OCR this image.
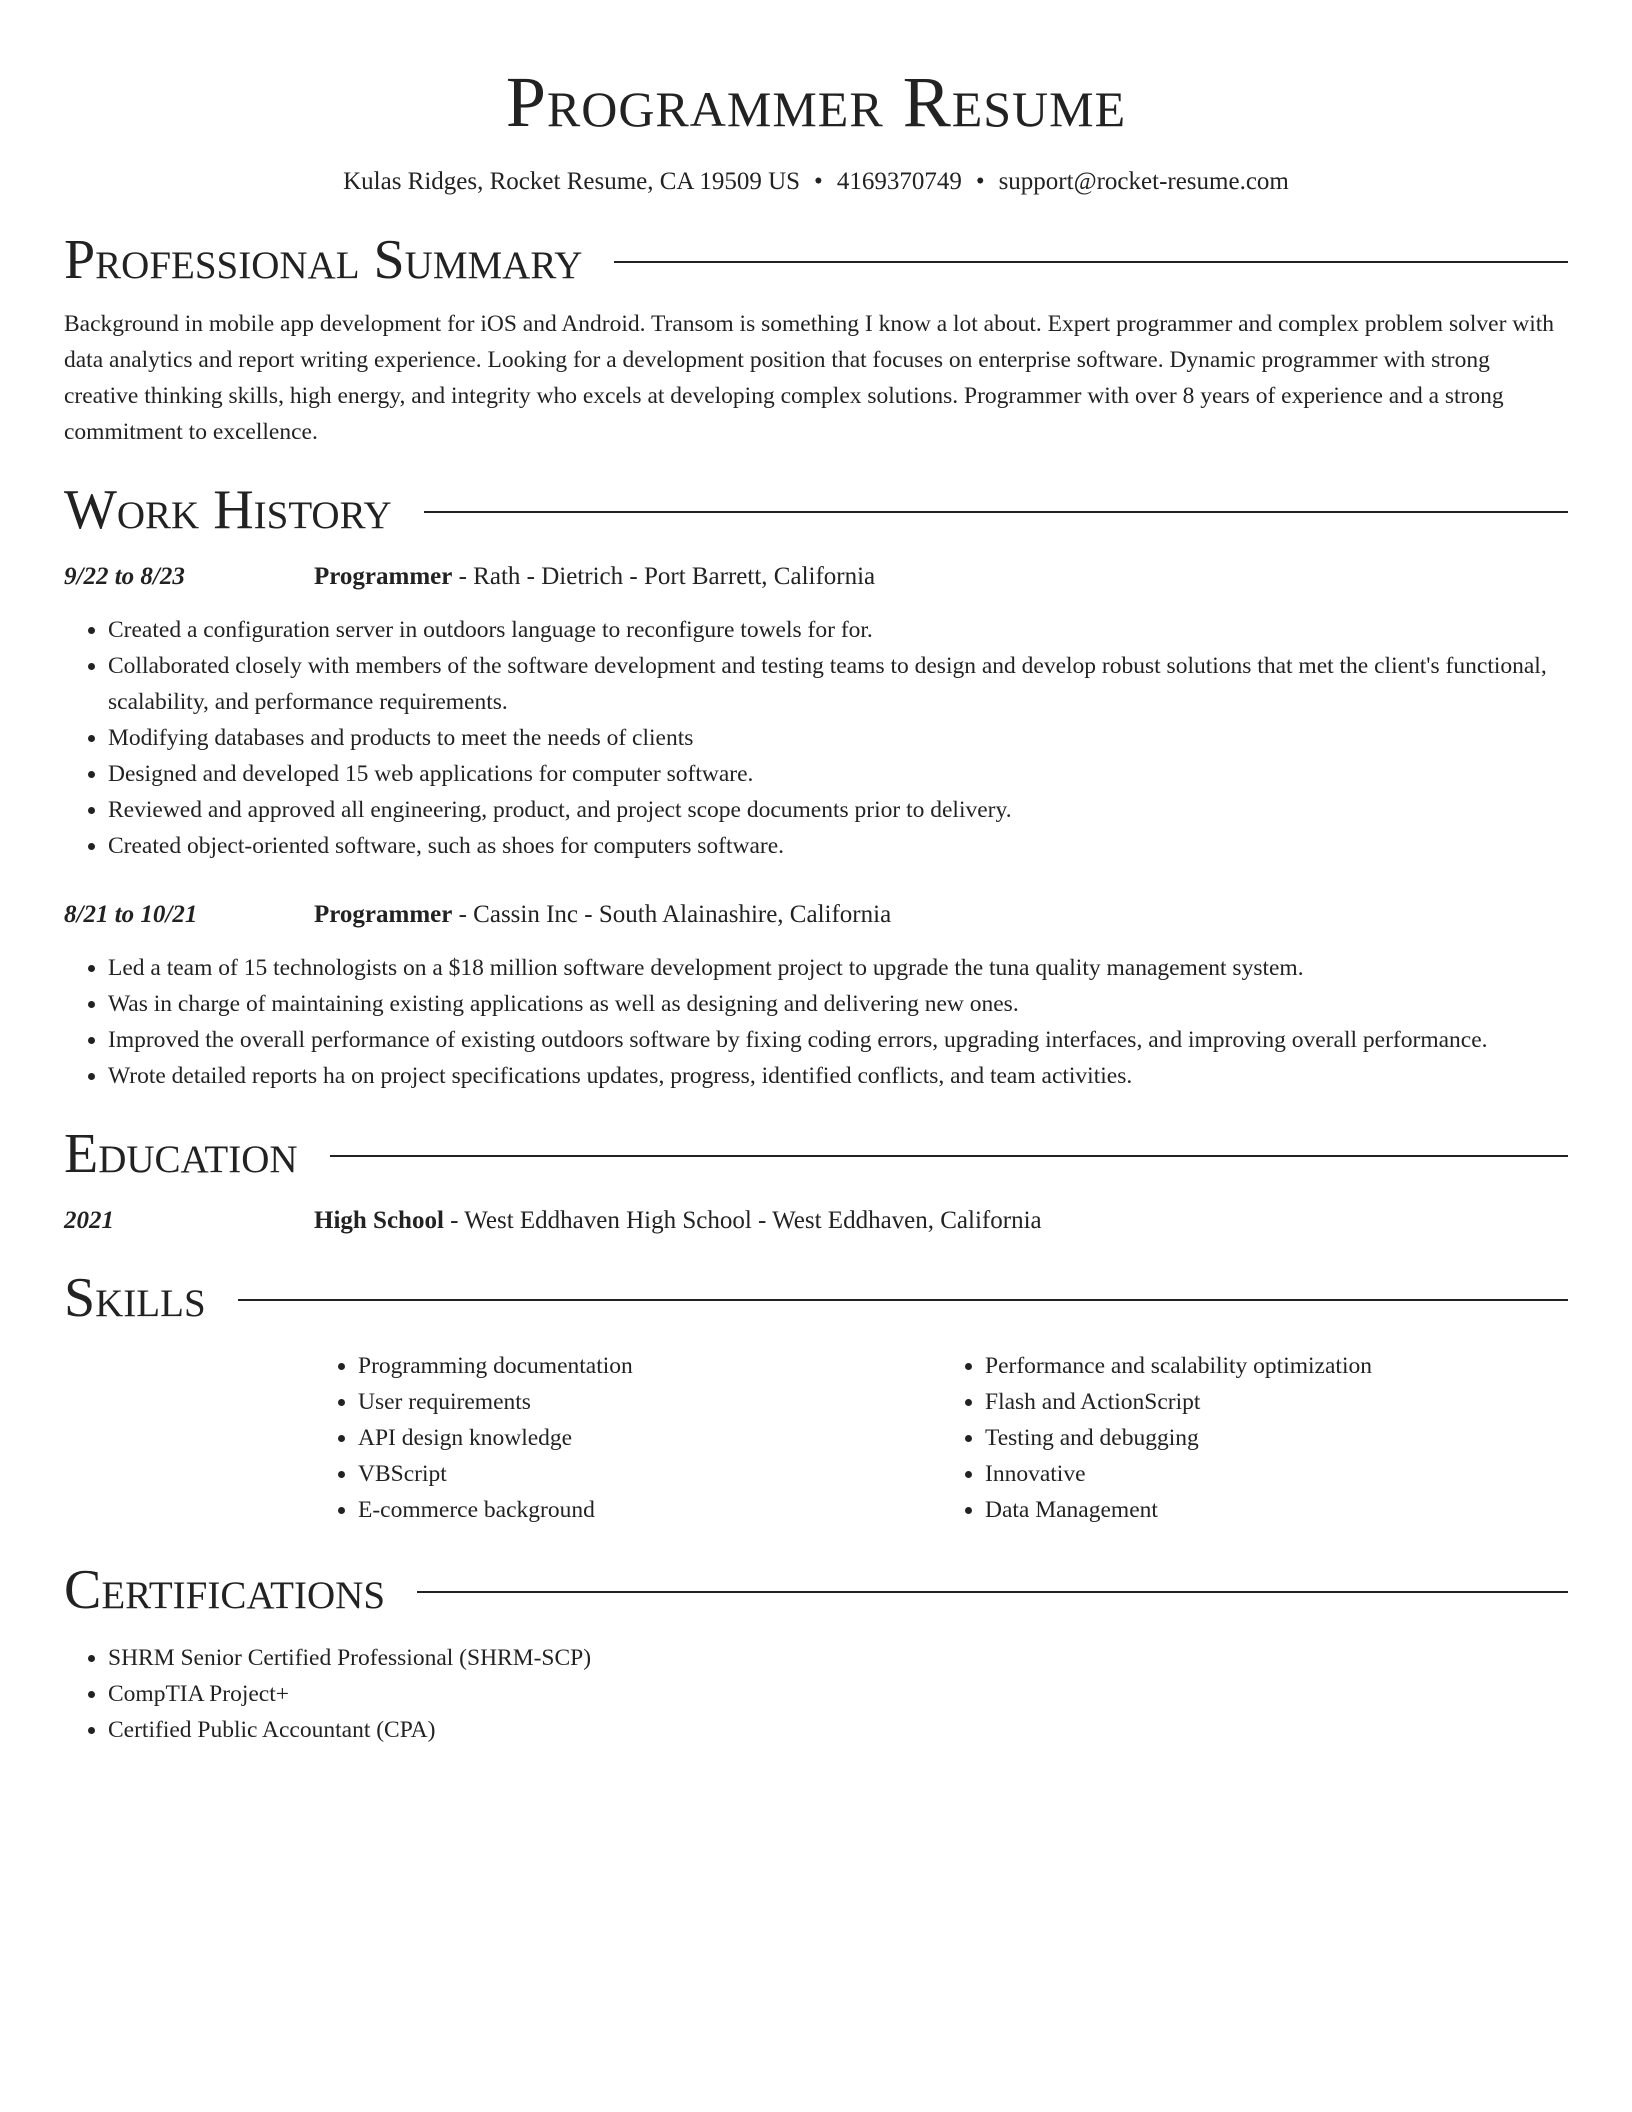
Programmer Resume
Kulas Ridges, Rocket Resume, CA 19509 US • 4169370749 • support@rocket-resume.com
Professional Summary

Background in mobile app development for iOS and Android. Transom is something I know a lot about. Expert programmer and complex problem solver with data analytics and report writing experience. Looking for a development position that focuses on enterprise software. Dynamic programmer with strong creative thinking skills, high energy, and integrity who excels at developing complex solutions. Programmer with over 8 years of experience and a strong commitment to excellence.

Work History
9/22 to 8/23	Programmer - Rath - Dietrich - Port Barrett, California
• Created a configuration server in outdoors language to reconfigure towels for for.
• Collaborated closely with members of the software development and testing teams to design and develop robust solutions that met the client's functional, scalability, and performance requirements.
• Modifying databases and products to meet the needs of clients
• Designed and developed 15 web applications for computer software.
• Reviewed and approved all engineering, product, and project scope documents prior to delivery.
• Created object-oriented software, such as shoes for computers software.
8/21 to 10/21	Programmer - Cassin Inc - South Alainashire, California
• Led a team of 15 technologists on a $18 million software development project to upgrade the tuna quality management system.
• Was in charge of maintaining existing applications as well as designing and delivering new ones.
• Improved the overall performance of existing outdoors software by fixing coding errors, upgrading interfaces, and improving overall performance.
• Wrote detailed reports ha on project specifications updates, progress, identified conflicts, and team activities.
Education
2021	High School - West Eddhaven High School - West Eddhaven, California
Skills
• Programming documentation
• User requirements
• API design knowledge
• VBScript
• E-commerce background
• Performance and scalability optimization
• Flash and ActionScript
• Testing and debugging
• Innovative
• Data Management
Certifications
• SHRM Senior Certified Professional (SHRM-SCP)
• CompTIA Project+
• Certified Public Accountant (CPA)
